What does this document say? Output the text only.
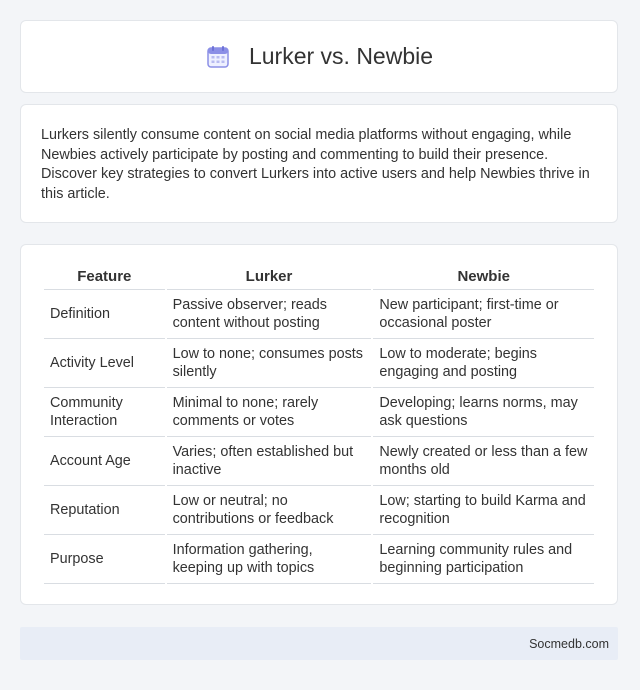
Lurker vs. Newbie

Lurkers silently consume content on social media platforms without engaging, while Newbies actively participate by posting and commenting to build their presence. Discover key strategies to convert Lurkers into active users and help Newbies thrive in this article.

Feature	Lurker	Newbie
Definition	Passive observer; reads content without posting	New participant; first-time or occasional poster
Activity Level	Low to none; consumes posts silently	Low to moderate; begins engaging and posting
Community Interaction	Minimal to none; rarely comments or votes	Developing; learns norms, may ask questions
Account Age	Varies; often established but inactive	Newly created or less than a few months old
Reputation	Low or neutral; no contributions or feedback	Low; starting to build Karma and recognition
Purpose	Information gathering, keeping up with topics	Learning community rules and beginning participation
Socmedb.com
